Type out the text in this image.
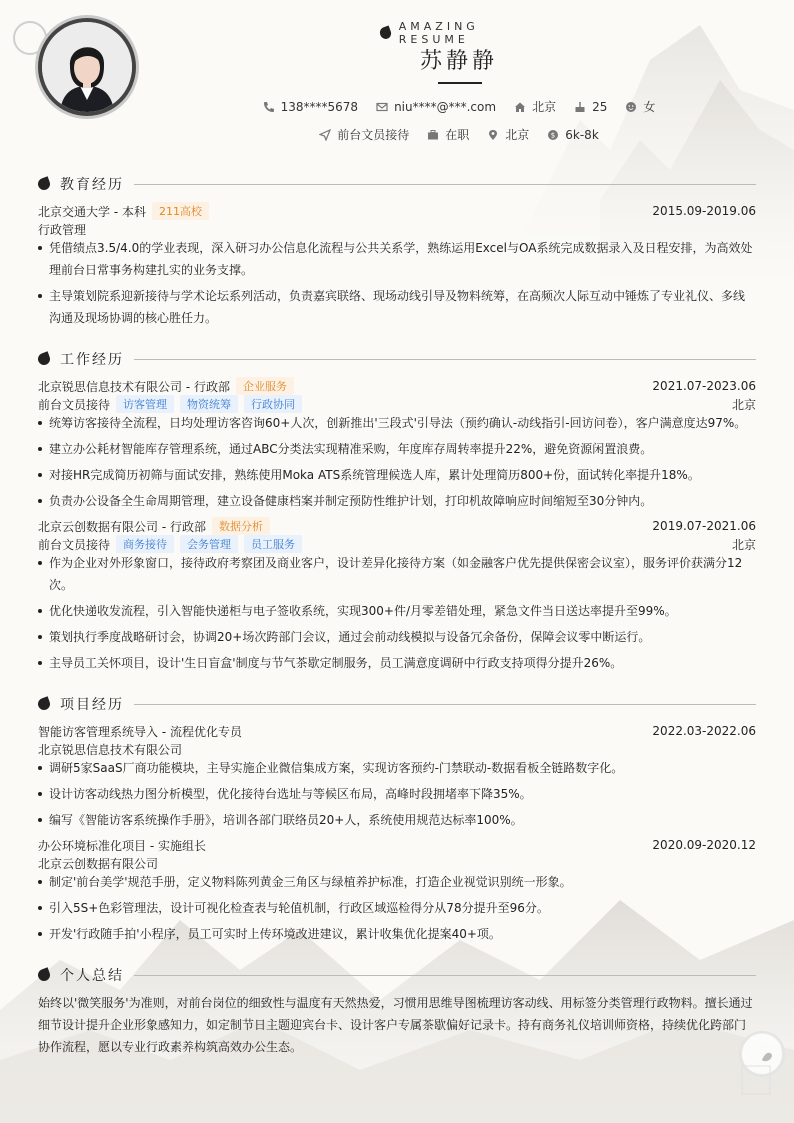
AMAZING RESUME
苏静静
138****5678	niu****@***.com	北京	25	女
前台文员接待	在职	北京	$ 6k-8k
教育经历
北京交通大学 - 本科	211高校	2015.09-2019.06
行政管理
凭借绩点3.5/4.0的学业表现，深入研习办公信息化流程与公共关系学，熟练运用Excel与OA系统完成数据录入及日程安排，为高效处理前台日常事务构建扎实的业务支撑。
主导策划院系迎新接待与学术论坛系列活动，负责嘉宾联络、现场动线引导及物料统筹，在高频次人际互动中锤炼了专业礼仪、多线沟通及现场协调的核心胜任力。
工作经历
北京锐思信息技术有限公司 - 行政部	企业服务	2021.07-2023.06
前台文员接待	访客管理	物资统筹	行政协同	北京
统筹访客接待全流程，日均处理访客咨询60+人次，创新推出'三段式'引导法（预约确认-动线指引-回访问卷），客户满意度达97%。
建立办公耗材智能库存管理系统，通过ABC分类法实现精准采购，年度库存周转率提升22%，避免资源闲置浪费。
对接HR完成简历初筛与面试安排，熟练使用Moka ATS系统管理候选人库，累计处理简历800+份，面试转化率提升18%。
负责办公设备全生命周期管理，建立设备健康档案并制定预防性维护计划，打印机故障响应时间缩短至30分钟内。
北京云创数据有限公司 - 行政部	数据分析	2019.07-2021.06
前台文员接待	商务接待	会务管理	员工服务	北京
作为企业对外形象窗口，接待政府考察团及商业客户，设计差异化接待方案（如金融客户优先提供保密会议室），服务评价获满分12次。
优化快递收发流程，引入智能快递柜与电子签收系统，实现300+件/月零差错处理，紧急文件当日送达率提升至99%。
策划执行季度战略研讨会，协调20+场次跨部门会议，通过会前动线模拟与设备冗余备份，保障会议零中断运行。
主导员工关怀项目，设计'生日盲盒'制度与节气茶歇定制服务，员工满意度调研中行政支持项得分提升26%。
项目经历
智能访客管理系统导入 - 流程优化专员	2022.03-2022.06
北京锐思信息技术有限公司
调研5家SaaS厂商功能模块，主导实施企业微信集成方案，实现访客预约-门禁联动-数据看板全链路数字化。
设计访客动线热力图分析模型，优化接待台选址与等候区布局，高峰时段拥堵率下降35%。
编写《智能访客系统操作手册》，培训各部门联络员20+人，系统使用规范达标率100%。
办公环境标准化项目 - 实施组长	2020.09-2020.12
北京云创数据有限公司
制定'前台美学'规范手册，定义物料陈列黄金三角区与绿植养护标准，打造企业视觉识别统一形象。
引入5S+色彩管理法，设计可视化检查表与轮值机制，行政区域巡检得分从78分提升至96分。
开发'行政随手拍'小程序，员工可实时上传环境改进建议，累计收集优化提案40+项。
个人总结
始终以'微笑服务'为准则，对前台岗位的细致性与温度有天然热爱，习惯用思维导图梳理访客动线、用标签分类管理行政物料。擅长通过细节设计提升企业形象感知力，如定制节日主题迎宾台卡、设计客户专属茶歇偏好记录卡。持有商务礼仪培训师资格，持续优化跨部门协作流程，愿以专业行政素养构筑高效办公生态。
